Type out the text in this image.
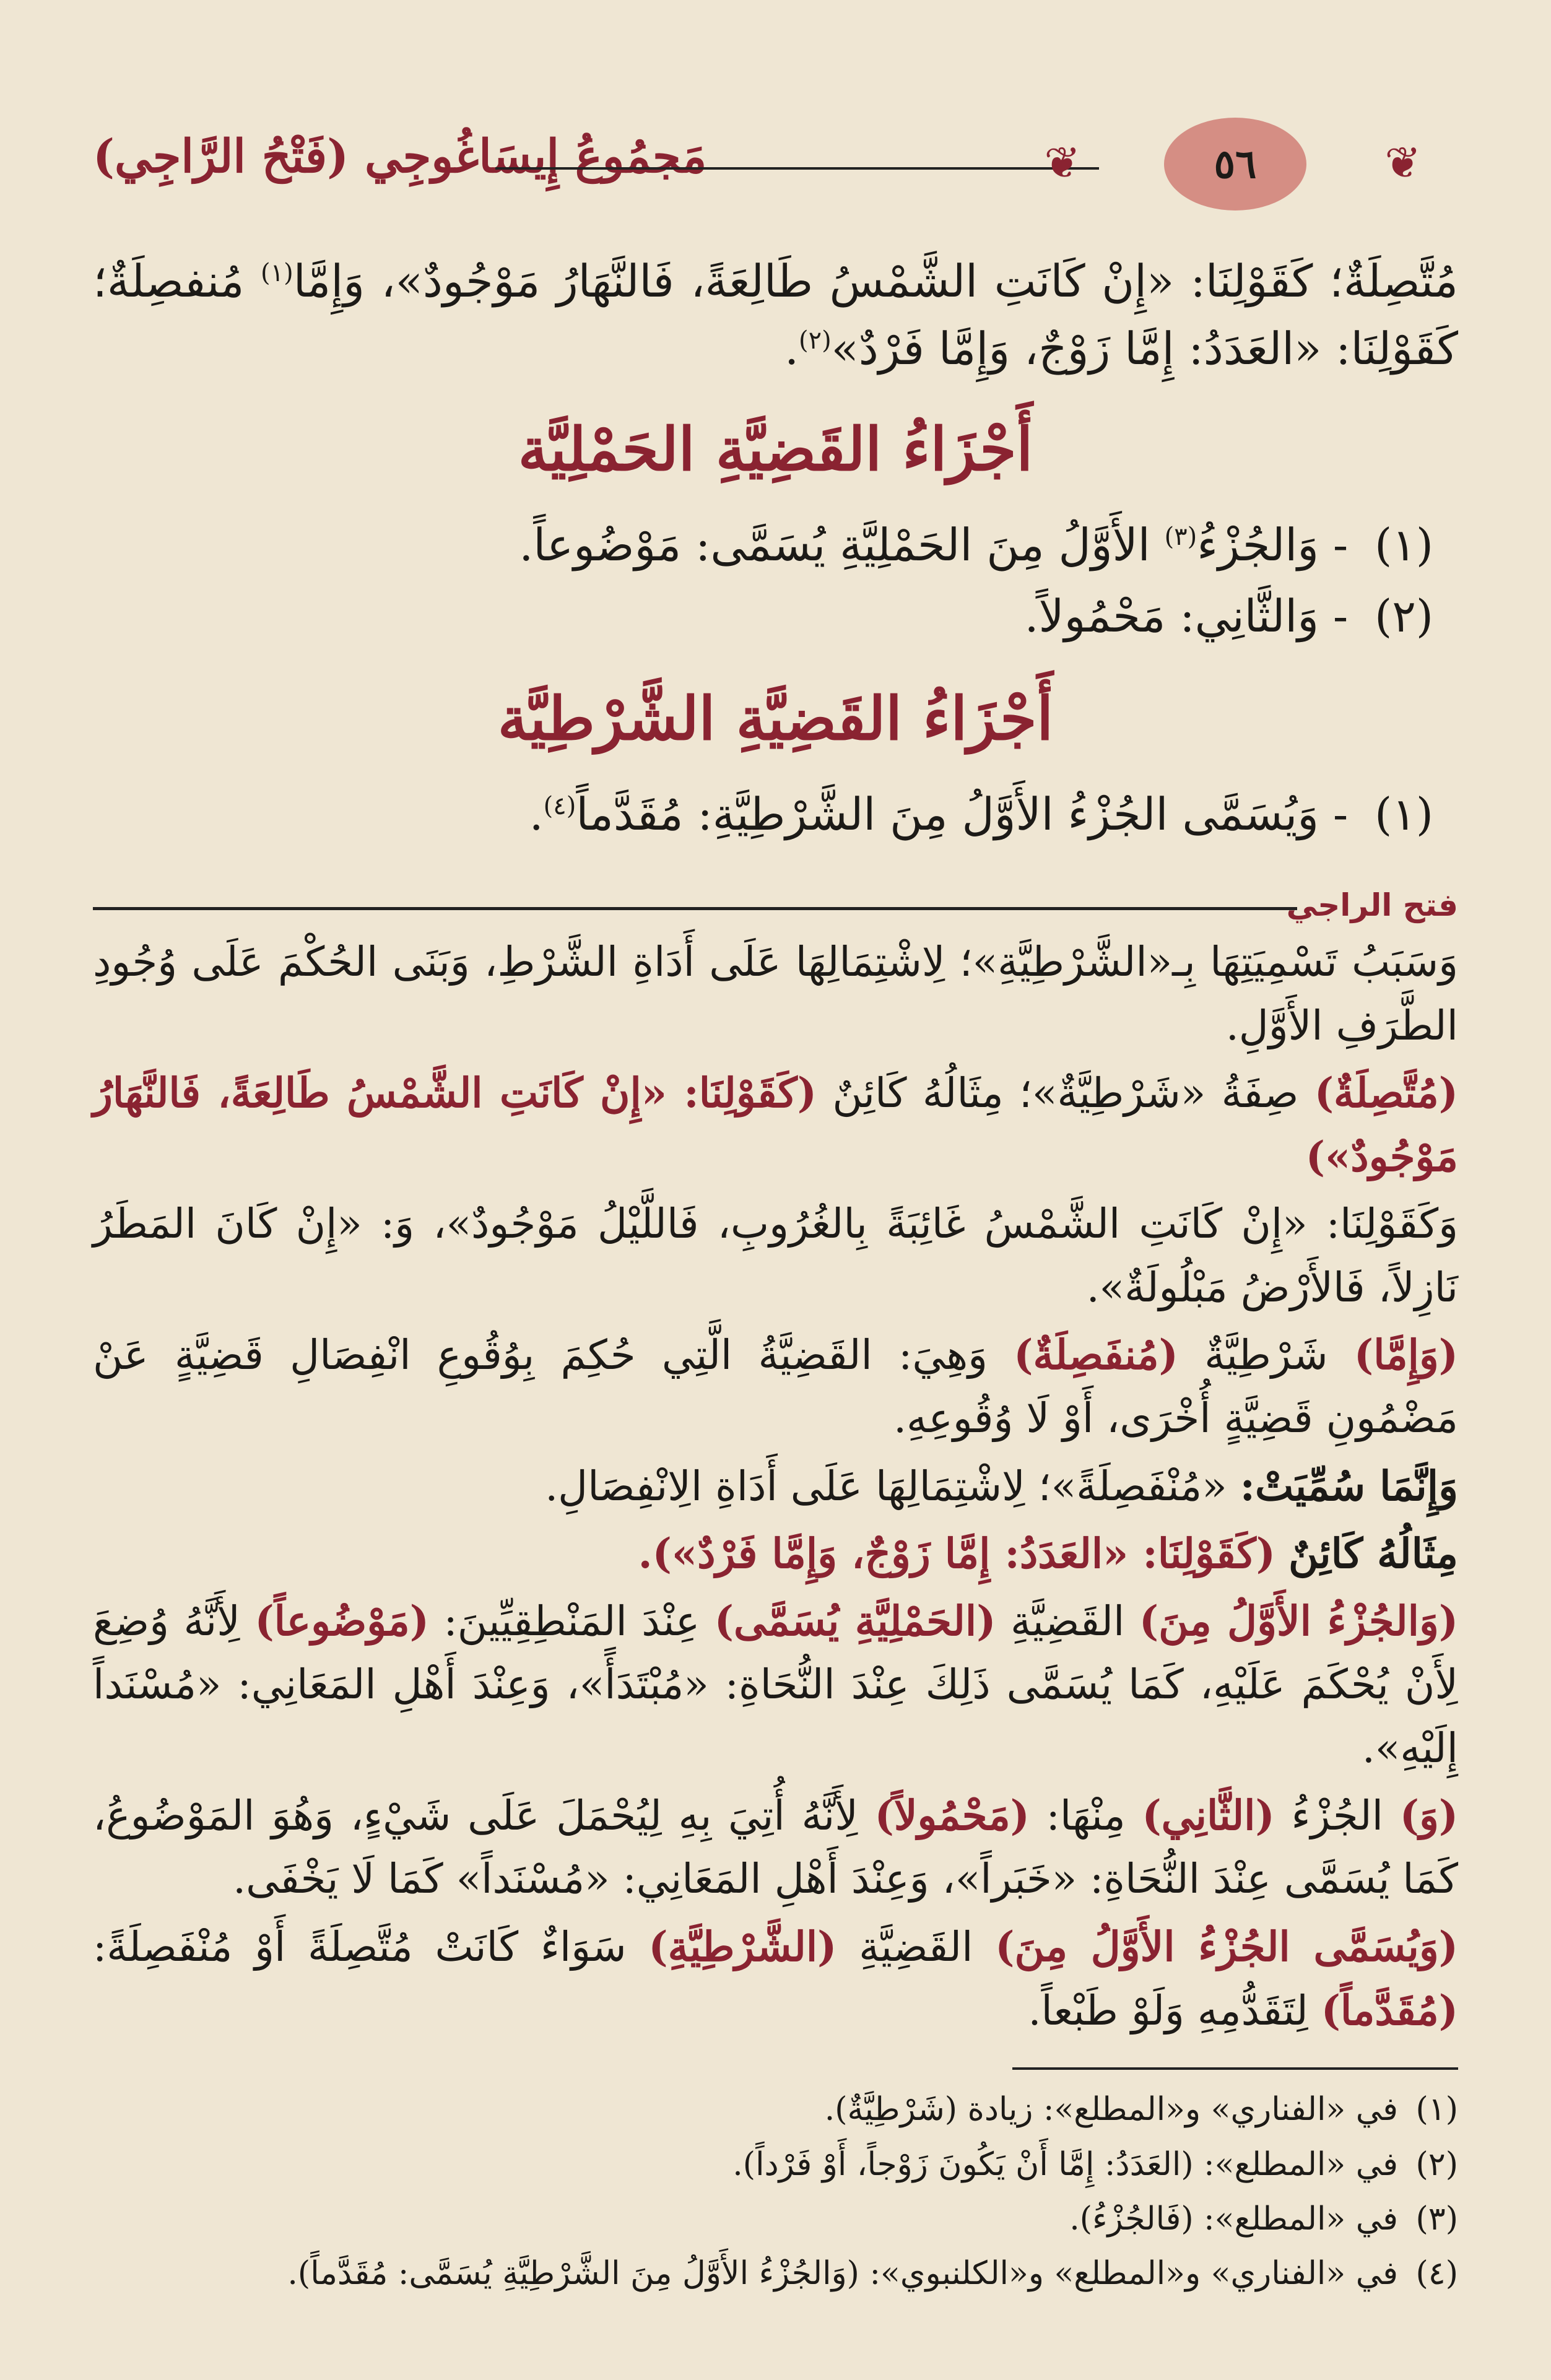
مَجمُوعُ إِيسَاغُوجِي (فَتْحُ الرَّاجِي)	❦	٥٦	❦

مُتَّصِلَةٌ؛ كَقَوْلِنَا: «إِنْ كَانَتِ الشَّمْسُ طَالِعَةً، فَالنَّهَارُ مَوْجُودٌ»، وَإِمَّا$^{(١)}$ مُنفصِلَةٌ؛ كَقَوْلِنَا: «العَدَدُ: إِمَّا زَوْجٌ، وَإِمَّا فَرْدٌ»$^{(٢)}$.

أَجْزَاءُ القَضِيَّةِ الحَمْلِيَّة
(١) - وَالجُزْءُ$^{(٣)}$ الأَوَّلُ مِنَ الحَمْلِيَّةِ يُسَمَّى: مَوْضُوعاً.
(٢) - وَالثَّانِي: مَحْمُولاً.
أَجْزَاءُ القَضِيَّةِ الشَّرْطِيَّة
(١) - وَيُسَمَّى الجُزْءُ الأَوَّلُ مِنَ الشَّرْطِيَّةِ: مُقَدَّماً$^{(٤)}$.
فتح الراجي

وَسَبَبُ تَسْمِيَتِهَا بِـ«الشَّرْطِيَّةِ»؛ لِاشْتِمَالِهَا عَلَى أَدَاةِ الشَّرْطِ، وَبَنَى الحُكْمَ عَلَى وُجُودِ الطَّرَفِ الأَوَّلِ.

(مُتَّصِلَةٌ) صِفَةُ «شَرْطِيَّةٌ»؛ مِثَالُهُ كَائِنٌ (كَقَوْلِنَا: «إِنْ كَانَتِ الشَّمْسُ طَالِعَةً، فَالنَّهَارُ مَوْجُودٌ»)

وَكَقَوْلِنَا: «إِنْ كَانَتِ الشَّمْسُ غَائِبَةً بِالغُرُوبِ، فَاللَّيْلُ مَوْجُودٌ»، وَ: «إِنْ كَانَ المَطَرُ نَازِلاً، فَالأَرْضُ مَبْلُولَةٌ».

(وَإِمَّا) شَرْطِيَّةٌ (مُنفَصِلَةٌ) وَهِيَ: القَضِيَّةُ الَّتِي حُكِمَ بِوُقُوعِ انْفِصَالِ قَضِيَّةٍ عَنْ مَضْمُونِ قَضِيَّةٍ أُخْرَى، أَوْ لَا وُقُوعِهِ.

وَإِنَّمَا سُمِّيَتْ: «مُنْفَصِلَةً»؛ لِاشْتِمَالِهَا عَلَى أَدَاةِ الِانْفِصَالِ.

مِثَالُهُ كَائِنٌ (كَقَوْلِنَا: «العَدَدُ: إِمَّا زَوْجٌ، وَإِمَّا فَرْدٌ»).

(وَالجُزْءُ الأَوَّلُ مِنَ) القَضِيَّةِ (الحَمْلِيَّةِ يُسَمَّى) عِنْدَ المَنْطِقِيِّينَ: (مَوْضُوعاً) لِأَنَّهُ وُضِعَ لِأَنْ يُحْكَمَ عَلَيْهِ، كَمَا يُسَمَّى ذَلِكَ عِنْدَ النُّحَاةِ: «مُبْتَدَأً»، وَعِنْدَ أَهْلِ المَعَانِي: «مُسْنَداً إِلَيْهِ».

(وَ) الجُزْءُ (الثَّانِي) مِنْهَا: (مَحْمُولاً) لِأَنَّهُ أُتِيَ بِهِ لِيُحْمَلَ عَلَى شَيْءٍ، وَهُوَ المَوْضُوعُ، كَمَا يُسَمَّى عِنْدَ النُّحَاةِ: «خَبَراً»، وَعِنْدَ أَهْلِ المَعَانِي: «مُسْنَداً» كَمَا لَا يَخْفَى.

(وَيُسَمَّى الجُزْءُ الأَوَّلُ مِنَ) القَضِيَّةِ (الشَّرْطِيَّةِ) سَوَاءٌ كَانَتْ مُتَّصِلَةً أَوْ مُنْفَصِلَةً: (مُقَدَّماً) لِتَقَدُّمِهِ وَلَوْ طَبْعاً.

(١) في «الفناري» و«المطلع»: زيادة (شَرْطِيَّةٌ).

(٢) في «المطلع»: (العَدَدُ: إِمَّا أَنْ يَكُونَ زَوْجاً، أَوْ فَرْداً).

(٣) في «المطلع»: (فَالجُزْءُ).

(٤) في «الفناري» و«المطلع» و«الكلنبوي»: (وَالجُزْءُ الأَوَّلُ مِنَ الشَّرْطِيَّةِ يُسَمَّى: مُقَدَّماً).
